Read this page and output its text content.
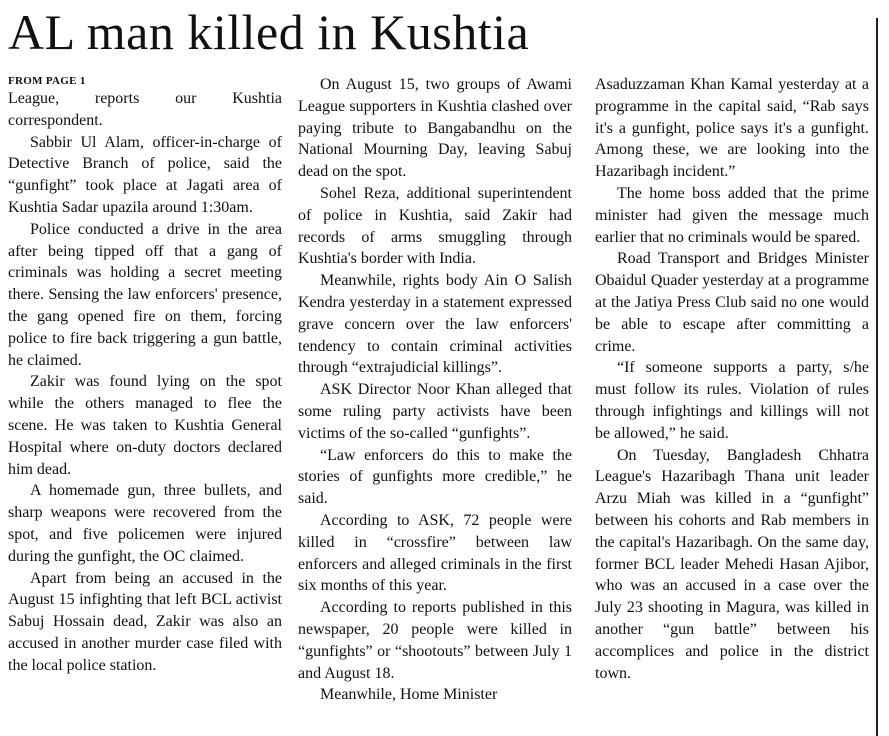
AL man killed in Kushtia
FROM PAGE 1

League, reports our Kushtia correspondent.

Sabbir Ul Alam, officer-in-charge of Detective Branch of police, said the “gunfight” took place at Jagati area of Kushtia Sadar upazila around 1:30am.

Police conducted a drive in the area after being tipped off that a gang of criminals was holding a secret meeting there. Sensing the law enforcers' presence, the gang opened fire on them, forcing police to fire back triggering a gun battle, he claimed.

Zakir was found lying on the spot while the others managed to flee the scene. He was taken to Kushtia General Hospital where on-duty doctors declared him dead.

A homemade gun, three bullets, and sharp weapons were recovered from the spot, and five policemen were injured during the gunfight, the OC claimed.

Apart from being an accused in the August 15 infighting that left BCL activist Sabuj Hossain dead, Zakir was also an accused in another murder case filed with the local police station.

On August 15, two groups of Awami League supporters in Kushtia clashed over paying tribute to Bangabandhu on the National Mourning Day, leaving Sabuj dead on the spot.

Sohel Reza, additional superintendent of police in Kushtia, said Zakir had records of arms smuggling through Kushtia's border with India.

Meanwhile, rights body Ain O Salish Kendra yesterday in a statement expressed grave concern over the law enforcers' tendency to contain criminal activities through “extrajudicial killings”.

ASK Director Noor Khan alleged that some ruling party activists have been victims of the so-called “gunfights”.

“Law enforcers do this to make the stories of gunfights more credible,” he said.

According to ASK, 72 people were killed in “crossfire” between law enforcers and alleged criminals in the first six months of this year.

According to reports published in this newspaper, 20 people were killed in “gunfights” or “shootouts” between July 1 and August 18.

Meanwhile, Home Minister

Asaduzzaman Khan Kamal yesterday at a programme in the capital said, “Rab says it's a gunfight, police says it's a gunfight. Among these, we are looking into the Hazaribagh incident.”

The home boss added that the prime minister had given the message much earlier that no criminals would be spared.

Road Transport and Bridges Minister Obaidul Quader yesterday at a programme at the Jatiya Press Club said no one would be able to escape after committing a crime.

“If someone supports a party, s/he must follow its rules. Violation of rules through infightings and killings will not be allowed,” he said.

On Tuesday, Bangladesh Chhatra League's Hazaribagh Thana unit leader Arzu Miah was killed in a “gunfight” between his cohorts and Rab members in the capital's Hazaribagh. On the same day, former BCL leader Mehedi Hasan Ajibor, who was an accused in a case over the July 23 shooting in Magura, was killed in another “gun battle” between his accomplices and police in the district town.
